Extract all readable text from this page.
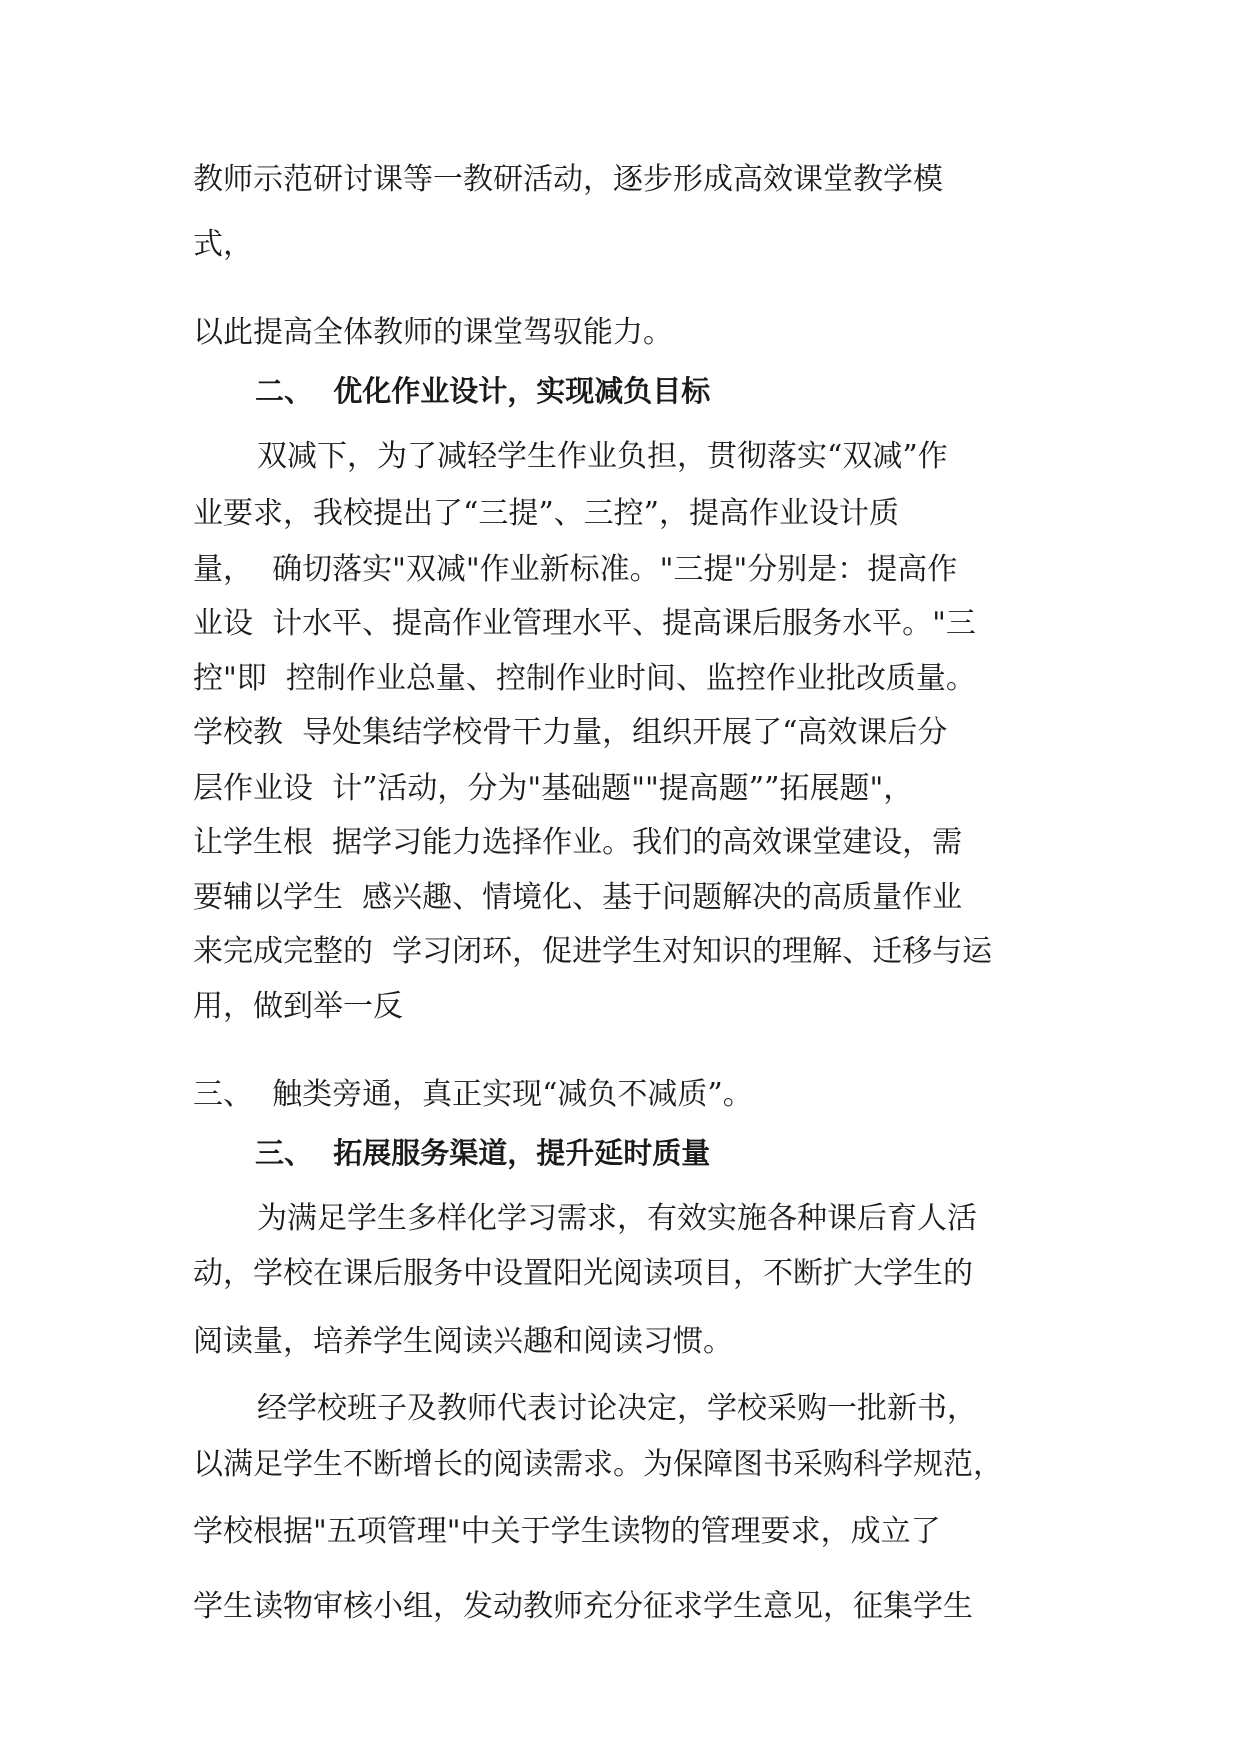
教师示范研讨课等一教研活动，逐步形成高效课堂教学模

式，

以此提高全体教师的课堂驾驭能力。

二、  优化作业设计，实现减负目标

双减下，为了减轻学生作业负担，贯彻落实“双减”作

业要求，我校提出了“三提”、三控”，提高作业设计质

量，  确切落实"双减"作业新标准。"三提"分别是：提高作

业设  计水平、提高作业管理水平、提高课后服务水平。"三

控"即  控制作业总量、控制作业时间、监控作业批改质量。

学校教  导处集结学校骨干力量，组织开展了“高效课后分

层作业设  计”活动，分为"基础题""提高题””拓展题"，

让学生根  据学习能力选择作业。我们的高效课堂建设，需

要辅以学生  感兴趣、情境化、基于问题解决的高质量作业

来完成完整的  学习闭环，促进学生对知识的理解、迁移与运

用，做到举一反

三、  触类旁通，真正实现“减负不减质”。

三、  拓展服务渠道，提升延时质量

为满足学生多样化学习需求，有效实施各种课后育人活

动，学校在课后服务中设置阳光阅读项目，不断扩大学生的

阅读量，培养学生阅读兴趣和阅读习惯。

经学校班子及教师代表讨论决定，学校采购一批新书，

以满足学生不断增长的阅读需求。为保障图书采购科学规范，

学校根据"五项管理"中关于学生读物的管理要求，成立了

学生读物审核小组，发动教师充分征求学生意见，征集学生
